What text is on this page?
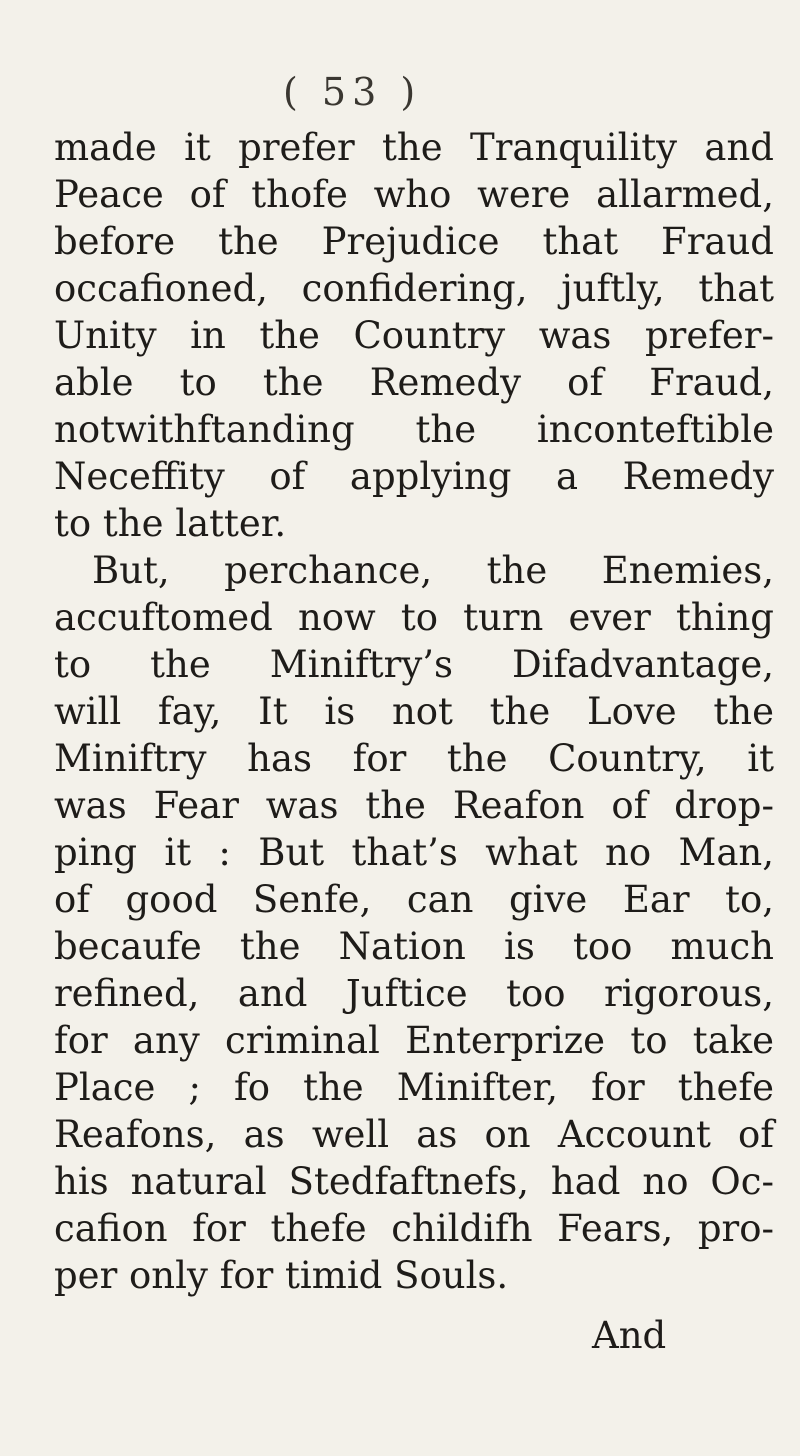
( 53 )
made it prefer the Tranquility and
Peace of thofe who were allarmed,
before the Prejudice that Fraud
occafioned, confidering, juftly, that
Unity in the Country was prefer-
able to the Remedy of Fraud,
notwithftanding the inconteftible
Neceffity of applying a Remedy
to the latter.
But, perchance, the Enemies,
accuftomed now to turn ever thing
to the Miniftry’s Difadvantage,
will fay, It is not the Love the
Miniftry has for the Country, it
was Fear was the Reafon of drop-
ping it : But that’s what no Man,
of good Senfe, can give Ear to,
becaufe the Nation is too much
refined, and Juftice too rigorous,
for any criminal Enterprize to take
Place ; fo the Minifter, for thefe
Reafons, as well as on Account of
his natural Stedfaftnefs, had no Oc-
cafion for thefe childifh Fears, pro-
per only for timid Souls.
And
